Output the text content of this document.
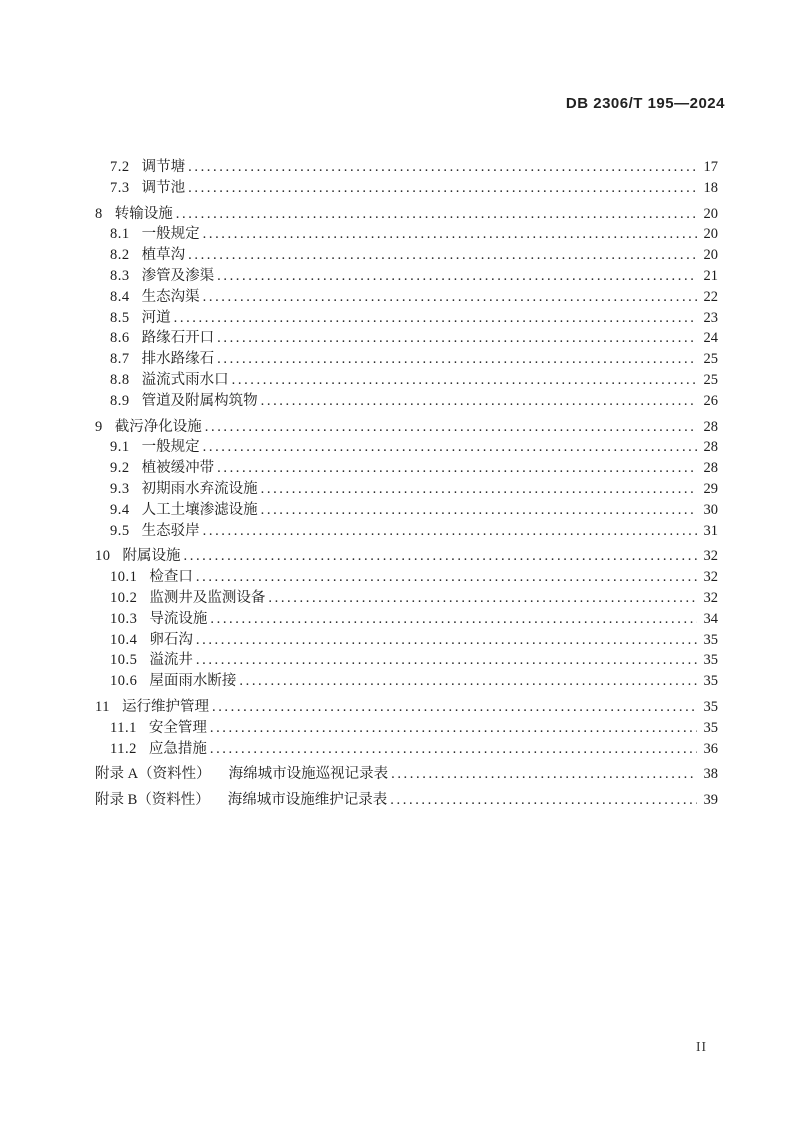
DB 2306/T 195—2024
7.2 调节塘 .....	17
7.3 调节池 .....	18
8 转输设施 .....	20
8.1 一般规定 .....	20
8.2 植草沟 .....	20
8.3 渗管及渗渠 .....	21
8.4 生态沟渠 .....	22
8.5 河道 .....	23
8.6 路缘石开口 .....	24
8.7 排水路缘石 .....	25
8.8 溢流式雨水口 .....	25
8.9 管道及附属构筑物 .....	26
9 截污净化设施 .....	28
9.1 一般规定 .....	28
9.2 植被缓冲带 .....	28
9.3 初期雨水弃流设施 .....	29
9.4 人工土壤渗滤设施 .....	30
9.5 生态驳岸 .....	31
10 附属设施 .....	32
10.1 检查口 .....	32
10.2 监测井及监测设备 .....	32
10.3 导流设施 .....	34
10.4 卵石沟 .....	35
10.5 溢流井 .....	35
10.6 屋面雨水断接 .....	35
11 运行维护管理 .....	35
11.1 安全管理 .....	35
11.2 应急措施 .....	36
附录 A（资料性） 海绵城市设施巡视记录表 .....	38
附录 B（资料性） 海绵城市设施维护记录表 .....	39
II
